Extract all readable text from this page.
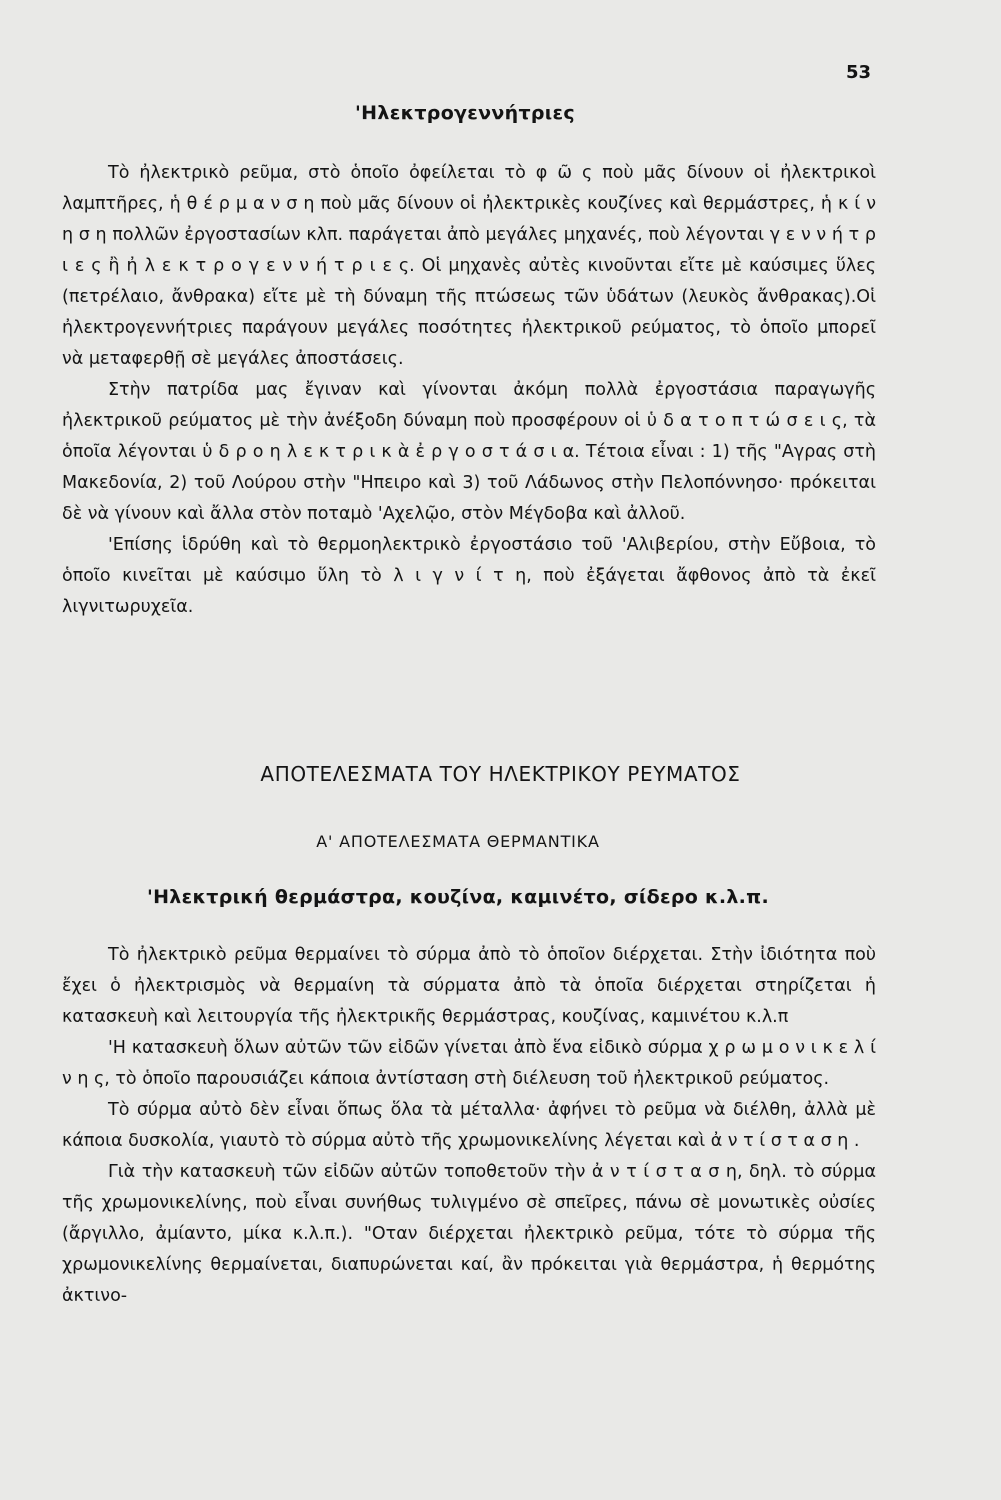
53
'Ηλεκτρογεννήτριες

Τὸ ἠλεκτρικὸ ρεῦμα, στὸ ὁποῖο ὀφείλεται τὸ φ ῶ ς ποὺ μᾶς δίνουν οἱ ἠλεκτρικοὶ λαμπτῆρες, ἡ θ έ ρ μ α ν σ η ποὺ μᾶς δίνουν οἱ ἠλεκτρικὲς κουζίνες καὶ θερμάστρες, ἡ κ ί ν η σ η πολλῶν ἐργοστασίων κλπ. παράγεται ἀπὸ μεγάλες μηχανές, ποὺ λέγονται γ ε ν ν ή τ ρ ι ε ς ἢ ἠ λ ε κ τ ρ ο γ ε ν ν ή τ ρ ι ε ς. Οἱ μηχανὲς αὐτὲς κινοῦνται εἴτε μὲ καύσιμες ὕλες (πετρέλαιο, ἄνθρακα) εἴτε μὲ τὴ δύναμη τῆς πτώσεως τῶν ὑδάτων (λευκὸς ἄνθρακας).Οἱ ἠλεκτρογεννήτριες παράγουν μεγάλες ποσότητες ἠλεκτρικοῦ ρεύματος, τὸ ὁποῖο μπορεῖ νὰ μεταφερθῇ σὲ μεγάλες ἀποστάσεις.

Στὴν πατρίδα μας ἔγιναν καὶ γίνονται ἀκόμη πολλὰ ἐργοστάσια παραγωγῆς ἠλεκτρικοῦ ρεύματος μὲ τὴν ἀνέξοδη δύναμη ποὺ προσφέρουν οἱ ὑ δ α τ ο π τ ώ σ ε ι ς, τὰ ὁποῖα λέγονται ὑ δ ρ ο η λ ε κ τ ρ ι κ ὰ ἐ ρ γ ο σ τ ά σ ι α. Τέτοια εἶναι : 1) τῆς "Αγρας στὴ Μακεδονία, 2) τοῦ Λούρου στὴν "Ηπειρο καὶ 3) τοῦ Λάδωνος στὴν Πελοπόννησο· πρόκειται δὲ νὰ γίνουν καὶ ἄλλα στὸν ποταμὸ 'Αχελῷο, στὸν Μέγδοβα καὶ ἀλλοῦ.

'Επίσης ἱδρύθη καὶ τὸ θερμοηλεκτρικὸ ἐργοστάσιο τοῦ 'Αλιβερίου, στὴν Εὔβοια, τὸ ὁποῖο κινεῖται μὲ καύσιμο ὕλη τὸ λ ι γ ν ί τ η, ποὺ ἐξάγεται ἄφθονος ἀπὸ τὰ ἐκεῖ λιγνιτωρυχεῖα.

ΑΠΟΤΕΛΕΣΜΑΤΑ ΤΟΥ ΗΛΕΚΤΡΙΚΟΥ ΡΕΥΜΑΤΟΣ
Α' ΑΠΟΤΕΛΕΣΜΑΤΑ ΘΕΡΜΑΝΤΙΚΑ
'Ηλεκτρική θερμάστρα, κουζίνα, καμινέτο, σίδερο κ.λ.π.

Τὸ ἠλεκτρικὸ ρεῦμα θερμαίνει τὸ σύρμα ἀπὸ τὸ ὁποῖον διέρχεται. Στὴν ἰδιότητα ποὺ ἔχει ὁ ἠλεκτρισμὸς νὰ θερμαίνη τὰ σύρματα ἀπὸ τὰ ὁποῖα διέρχεται στηρίζεται ἡ κατασκευὴ καὶ λειτουργία τῆς ἠλεκτρικῆς θερμάστρας, κουζίνας, καμινέτου κ.λ.π

'Η κατασκευὴ ὅλων αὐτῶν τῶν εἰδῶν γίνεται ἀπὸ ἕνα εἰδικὸ σύρμα χ ρ ω μ ο ν ι κ ε λ ί ν η ς, τὸ ὁποῖο παρουσιάζει κάποια ἀντίσταση στὴ διέλευση τοῦ ἠλεκτρικοῦ ρεύματος.

Τὸ σύρμα αὐτὸ δὲν εἶναι ὅπως ὅλα τὰ μέταλλα· ἀφήνει τὸ ρεῦμα νὰ διέλθη, ἀλλὰ μὲ κάποια δυσκολία, γιαυτὸ τὸ σύρμα αὐτὸ τῆς χρωμονικελίνης λέγεται καὶ ἀ ν τ ί σ τ α σ η .

Γιὰ τὴν κατασκευὴ τῶν εἰδῶν αὐτῶν τοποθετοῦν τὴν ἀ ν τ ί σ τ α σ η, δηλ. τὸ σύρμα τῆς χρωμονικελίνης, ποὺ εἶναι συνήθως τυλιγμένο σὲ σπεῖρες, πάνω σὲ μονωτικὲς οὐσίες (ἄργιλλο, ἀμίαντο, μίκα κ.λ.π.). "Οταν διέρχεται ἠλεκτρικὸ ρεῦμα, τότε τὸ σύρμα τῆς χρωμονικελίνης θερμαίνεται, διαπυρώνεται καί, ἂν πρόκειται γιὰ θερμάστρα, ἡ θερμότης ἀκτινο-
